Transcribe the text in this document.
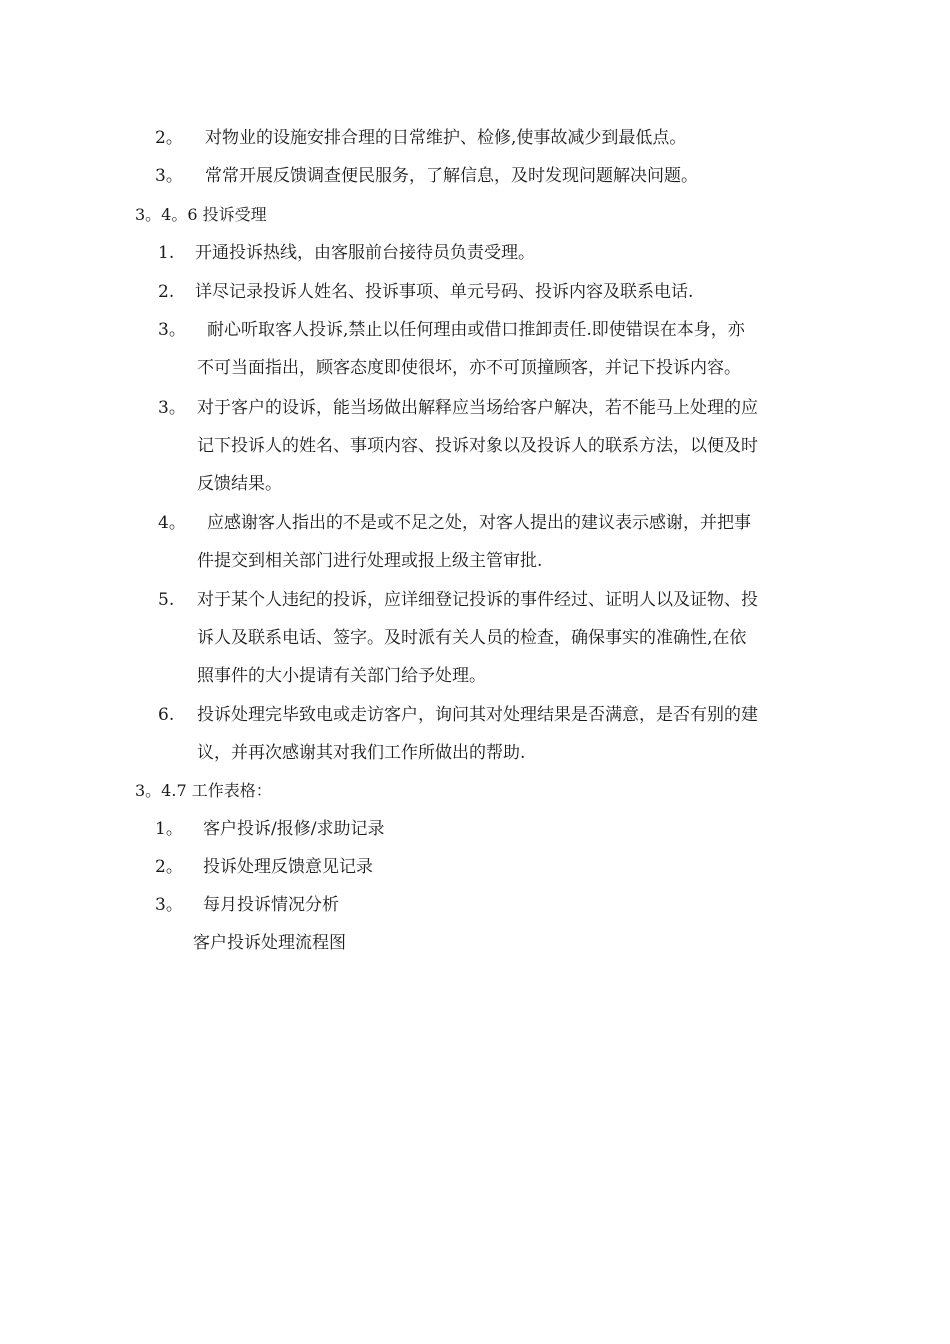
2。 对物业的设施安排合理的日常维护、检修,使事故减少到最低点。
3。 常常开展反馈调查便民服务，了解信息，及时发现问题解决问题。
3。4。6 投诉受理
1. 开通投诉热线，由客服前台接待员负责受理。
2. 详尽记录投诉人姓名、投诉事项、单元号码、投诉内容及联系电话.
3。 耐心听取客人投诉,禁止以任何理由或借口推卸责任.即使错误在本身，亦
不可当面指出，顾客态度即使很坏，亦不可顶撞顾客，并记下投诉内容。
3。 对于客户的设诉，能当场做出解释应当场给客户解决，若不能马上处理的应
记下投诉人的姓名、事项内容、投诉对象以及投诉人的联系方法，以便及时
反馈结果。
4。 应感谢客人指出的不是或不足之处，对客人提出的建议表示感谢，并把事
件提交到相关部门进行处理或报上级主管审批.
5. 对于某个人违纪的投诉，应详细登记投诉的事件经过、证明人以及证物、投
诉人及联系电话、签字。及时派有关人员的检查，确保事实的准确性,在依
照事件的大小提请有关部门给予处理。
6. 投诉处理完毕致电或走访客户，询问其对处理结果是否满意，是否有别的建
议，并再次感谢其对我们工作所做出的帮助.
3。4.7 工作表格：
1。 客户投诉/报修/求助记录
2。 投诉处理反馈意见记录
3。 每月投诉情况分析
客户投诉处理流程图
